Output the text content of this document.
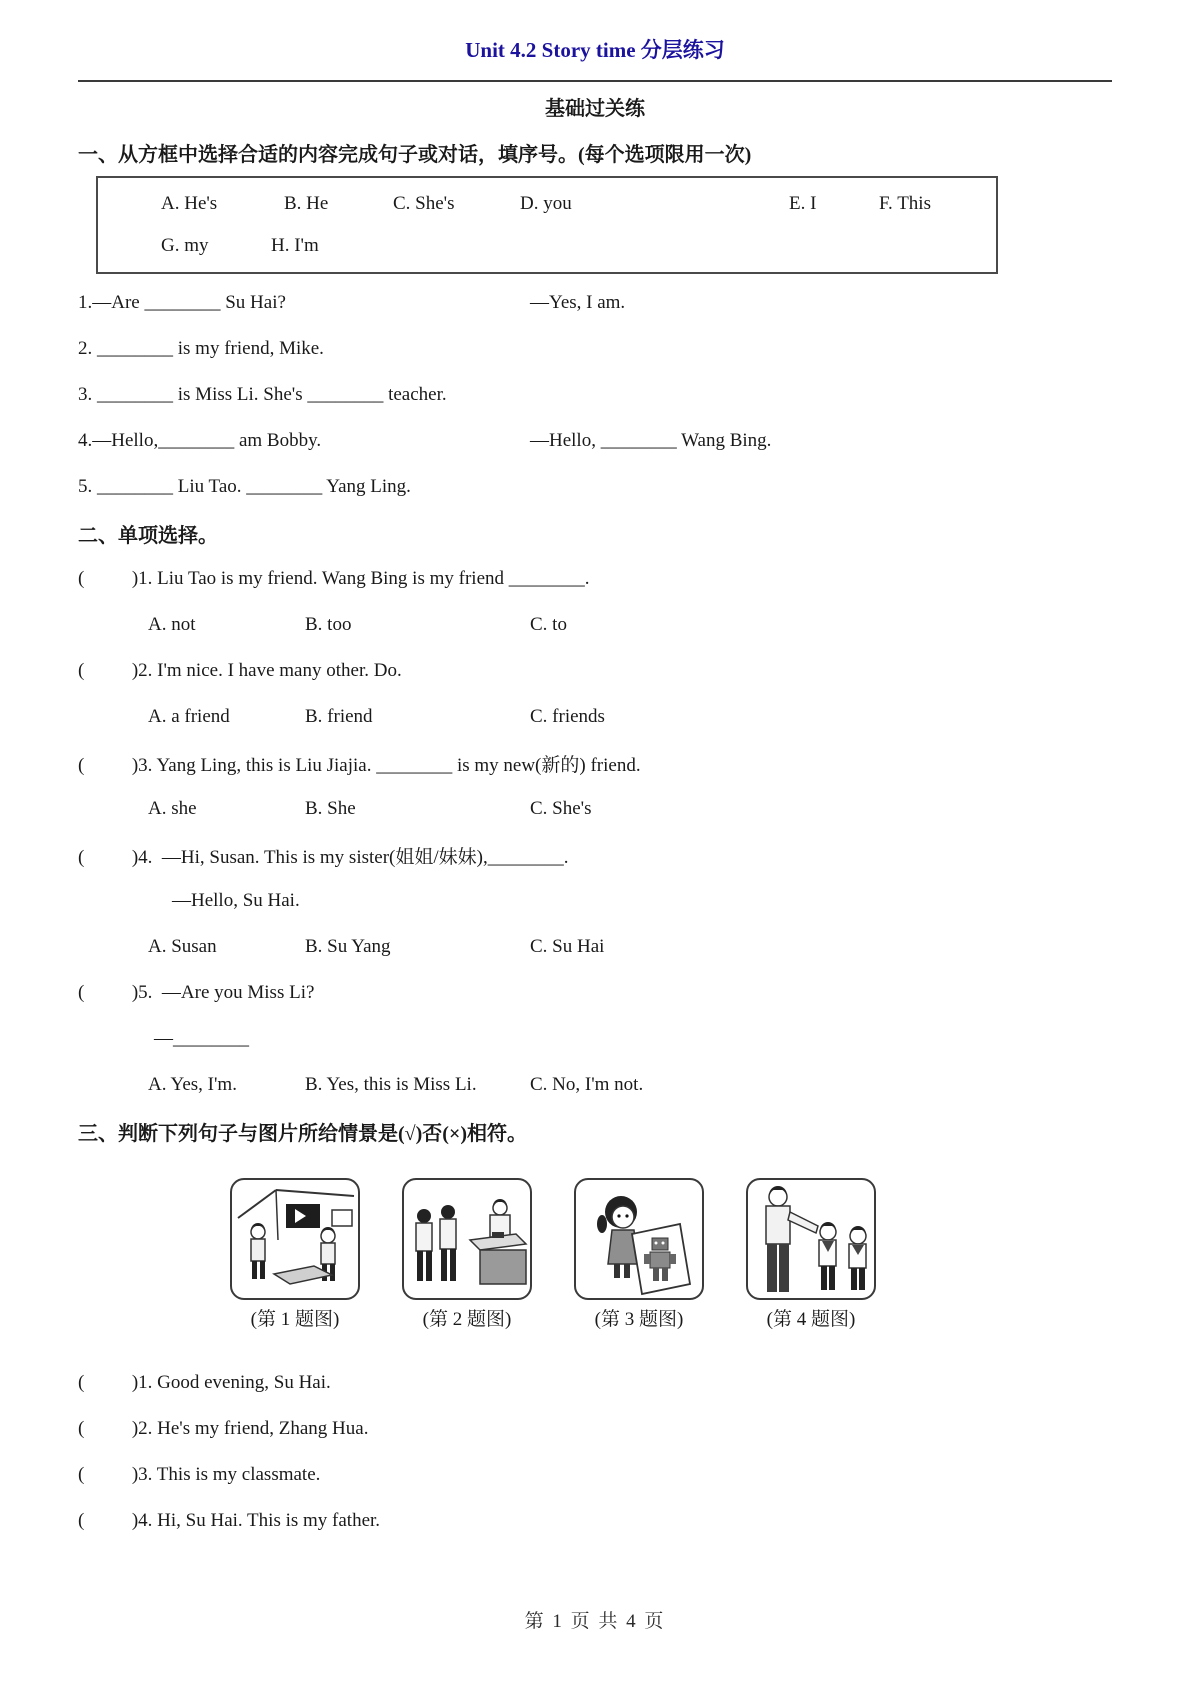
Unit 4.2 Story time 分层练习
基础过关练
一、从方框中选择合适的内容完成句子或对话，填序号。(每个选项限用一次)
A. He's	B. He	C. She's	D. you	E. I	F. This
G. my	H. I'm
1.—Are ________ Su Hai?	—Yes, I am.
2. ________ is my friend, Mike.
3. ________ is Miss Li. She's ________ teacher.
4.—Hello,________ am Bobby.	—Hello, ________ Wang Bing.
5. ________ Liu Tao. ________ Yang Ling.
二、单项选择。
(          )1. Liu Tao is my friend. Wang Bing is my friend ________.
A. not	B. too	C. to
(          )2. I'm nice. I have many other. Do.
A. a friend	B. friend	C. friends
(          )3. Yang Ling, this is Liu Jiajia. ________ is my new(新的) friend.
A. she	B. She	C. She's
(          )4.  —Hi, Susan. This is my sister(姐姐/妹妹),________.
—Hello, Su Hai.
A. Susan	B. Su Yang	C. Su Hai
(          )5.  —Are you Miss Li?
—________
A. Yes, I'm.	B. Yes, this is Miss Li.	C. No, I'm not.
三、判断下列句子与图片所给情景是(√)否(×)相符。
(第 1 题图)	(第 2 题图)	(第 3 题图)	(第 4 题图)
(          )1. Good evening, Su Hai.
(          )2. He's my friend, Zhang Hua.
(          )3. This is my classmate.
(          )4. Hi, Su Hai. This is my father.
第 1 页 共 4 页
